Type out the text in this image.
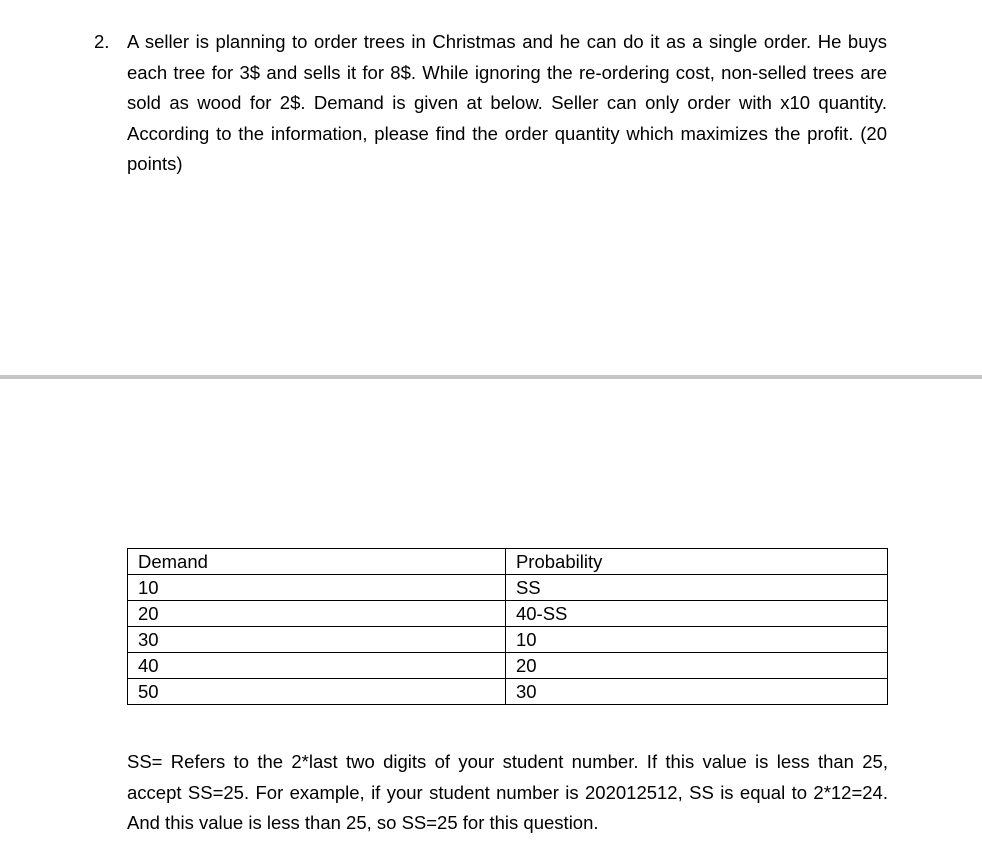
2. A seller is planning to order trees in Christmas and he can do it as a single order. He buys each tree for 3$ and sells it for 8$. While ignoring the re-ordering cost, non-selled trees are sold as wood for 2$. Demand is given at below. Seller can only order with x10 quantity. According to the information, please find the order quantity which maximizes the profit. (20 points)
Demand	Probability
10	SS
20	40-SS
30	10
40	20
50	30
SS= Refers to the 2*last two digits of your student number. If this value is less than 25, accept SS=25. For example, if your student number is 202012512, SS is equal to 2*12=24. And this value is less than 25, so SS=25 for this question.
